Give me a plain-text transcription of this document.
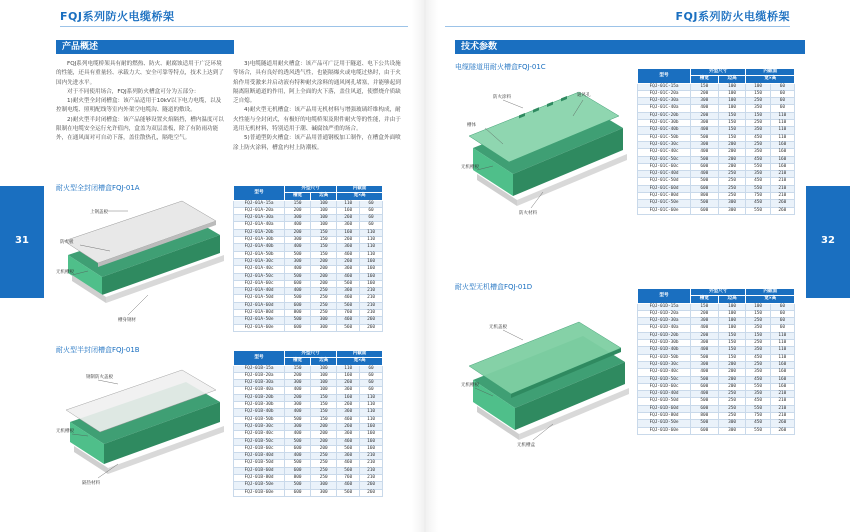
FQJ系列防火电缆桥架	FQJ系列防火电缆桥架
31	32
产品概述

FQJ系列电缆桥架具有耐的燃热、防火、耐腐蚀适用于广泛环境的性能，还具有重量轻、承载力大、安全可靠等特点，技术上达到了国内先进水平。

对于不同使用场合，FQJ系列防火槽盒可分为五部分：

1)耐火型全封闭槽盒：该产品适用于10kV以下电力电缆，以及控制电缆、照明配线等室内外架空电缆沟、隧道的敷设。

2)耐火型半封闭槽盒：该产品能够设置火焰隔挡，槽内温度可以限制在电缆安全运行允许值内，盒盖为双层盖板，除了有防雨功能外，在通风面对可自动下落，盖住散热孔，隔绝空气。

3)电缆隧道用耐火槽盒：该产品可广泛用于隧道、电下公共设施等场合，具有良好的透风透气性，也能隔爆火或电缆过热时，由于火焰作用受激来并启动液有特种耐火涂料的通风网孔堵塞，并能够起到隔离阻断通道的作用，阿上全面的火下落，盖住风道，使燃烧介质缺乏自熄。

4)耐火型无机槽盒：该产品用无机材料与增强玻璃纤维构成，耐火性能与全封闭式，有极好的电缆桥架及附件耐火等的性能，并由于选用无机材料，特别适用于潮、碱腐蚀严重的场合。

5)普通型防火槽盒：该产品用普通钢板加工制作，在槽盒外面喷涂上防火涂料，槽盒内衬上防潮板。

耐火型全封闭槽盒FQJ-01A
上钢盖板
防火板
无机槽板
槽身钢材
耐火型半封闭槽盒FQJ-01B
钢制防火盖板
无机槽板
隔热材料
型号	外型尺寸		内截面	
	槽宽	边高	宽×高	
FQJ-01A-15a	150	100	110	60
FQJ-01A-20a	200	100	160	60
FQJ-01A-30a	300	100	260	60
FQJ-01A-40a	400	100	360	60
FQJ-01A-20b	200	150	160	110
FQJ-01A-30b	300	150	260	110
FQJ-01A-40b	400	150	360	110
FQJ-01A-50b	500	150	460	110
FQJ-01A-30c	300	200	260	160
FQJ-01A-40c	400	200	360	160
FQJ-01A-50c	500	200	460	160
FQJ-01A-60c	600	200	560	160
FQJ-01A-40d	400	250	360	210
FQJ-01A-50d	500	250	460	210
FQJ-01A-60d	600	250	560	210
FQJ-01A-80d	800	250	760	210
FQJ-01A-50e	500	300	460	260
FQJ-01A-60e	600	300	560	260
型号	外型尺寸		内截面	
	槽宽	边高	宽×高	
FQJ-01B-15a	150	100	110	60
FQJ-01B-20a	200	100	160	60
FQJ-01B-30a	300	100	260	60
FQJ-01B-40a	400	100	360	60
FQJ-01B-20b	200	150	160	110
FQJ-01B-30b	300	150	260	110
FQJ-01B-40b	400	150	360	110
FQJ-01B-50b	500	150	460	110
FQJ-01B-30c	300	200	260	160
FQJ-01B-40c	400	200	360	160
FQJ-01B-50c	500	200	460	160
FQJ-01B-60c	600	200	560	160
FQJ-01B-40d	400	250	360	210
FQJ-01B-50d	500	250	460	210
FQJ-01B-60d	600	250	560	210
FQJ-01B-80d	800	250	760	210
FQJ-01B-50e	500	300	460	260
FQJ-01B-60e	600	300	560	260
技术参数
电缆隧道用耐火槽盒FQJ-01C
防火涂料
槽体
通风孔
无机槽板
防火材料
耐火型无机槽盒FQJ-01D
无机盖板
无机槽板
无机槽盒
型号	外型尺寸		内截面	
	槽宽	边高	宽×高	
FQJ-01C-15a	150	100	100	60
FQJ-01C-20a	200	100	150	60
FQJ-01C-30a	300	100	250	60
FQJ-01C-40a	400	100	350	60
FQJ-01C-20b	200	150	150	110
FQJ-01C-30b	300	150	250	110
FQJ-01C-40b	400	150	350	110
FQJ-01C-50b	500	150	450	110
FQJ-01C-30c	300	200	250	160
FQJ-01C-40c	400	200	350	160
FQJ-01C-50c	500	200	450	160
FQJ-01C-60c	600	200	550	160
FQJ-01C-40d	400	250	350	210
FQJ-01C-50d	500	250	450	210
FQJ-01C-60d	600	250	550	210
FQJ-01C-80d	800	250	750	210
FQJ-01C-50e	500	300	450	260
FQJ-01C-60e	600	300	550	260
型号	外型尺寸		内截面	
	槽宽	边高	宽×高	
FQJ-01D-15a	150	100	100	60
FQJ-01D-20a	200	100	150	60
FQJ-01D-30a	300	100	250	60
FQJ-01D-40a	400	100	350	60
FQJ-01D-20b	200	150	150	110
FQJ-01D-30b	300	150	250	110
FQJ-01D-40b	400	150	350	110
FQJ-01D-50b	500	150	450	110
FQJ-01D-30c	300	200	250	160
FQJ-01D-40c	400	200	350	160
FQJ-01D-50c	500	200	450	160
FQJ-01D-60c	600	200	550	160
FQJ-01D-40d	400	250	350	210
FQJ-01D-50d	500	250	450	210
FQJ-01D-60d	600	250	550	210
FQJ-01D-80d	800	250	750	210
FQJ-01D-50e	500	300	450	260
FQJ-01D-60e	600	300	550	260
